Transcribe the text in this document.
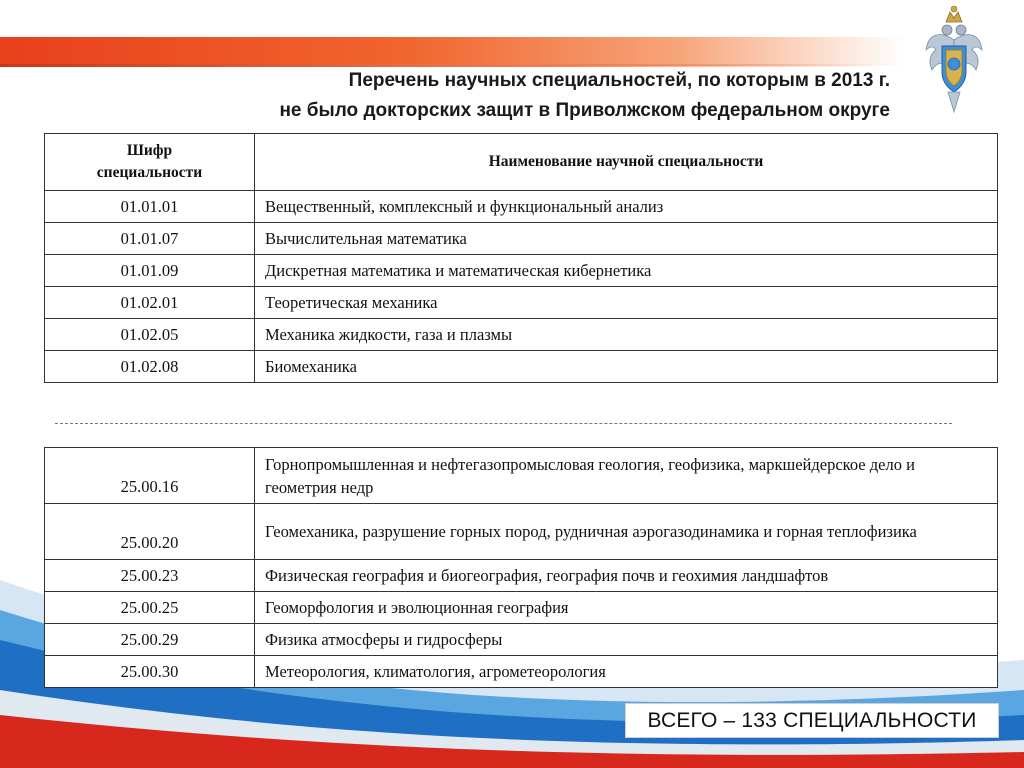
Перечень научных специальностей, по которым в 2013 г.
не было докторских защит в Приволжском федеральном округе
Шифр
специальности	Наименование научной специальности
01.01.01	Вещественный, комплексный и функциональный анализ
01.01.07	Вычислительная математика
01.01.09	Дискретная математика и математическая кибернетика
01.02.01	Теоретическая механика
01.02.05	Механика жидкости, газа и плазмы
01.02.08	Биомеханика
25.00.16	Горнопромышленная и нефтегазопромысловая геология, геофизика, маркшейдерское дело и геометрия недр
25.00.20	Геомеханика, разрушение горных пород, рудничная аэрогазодинамика и горная теплофизика
25.00.23	Физическая география и биогеография, география почв и геохимия ландшафтов
25.00.25	Геоморфология и эволюционная география
25.00.29	Физика атмосферы и гидросферы
25.00.30	Метеорология, климатология, агрометеорология
ВСЕГО – 133 СПЕЦИАЛЬНОСТИ
